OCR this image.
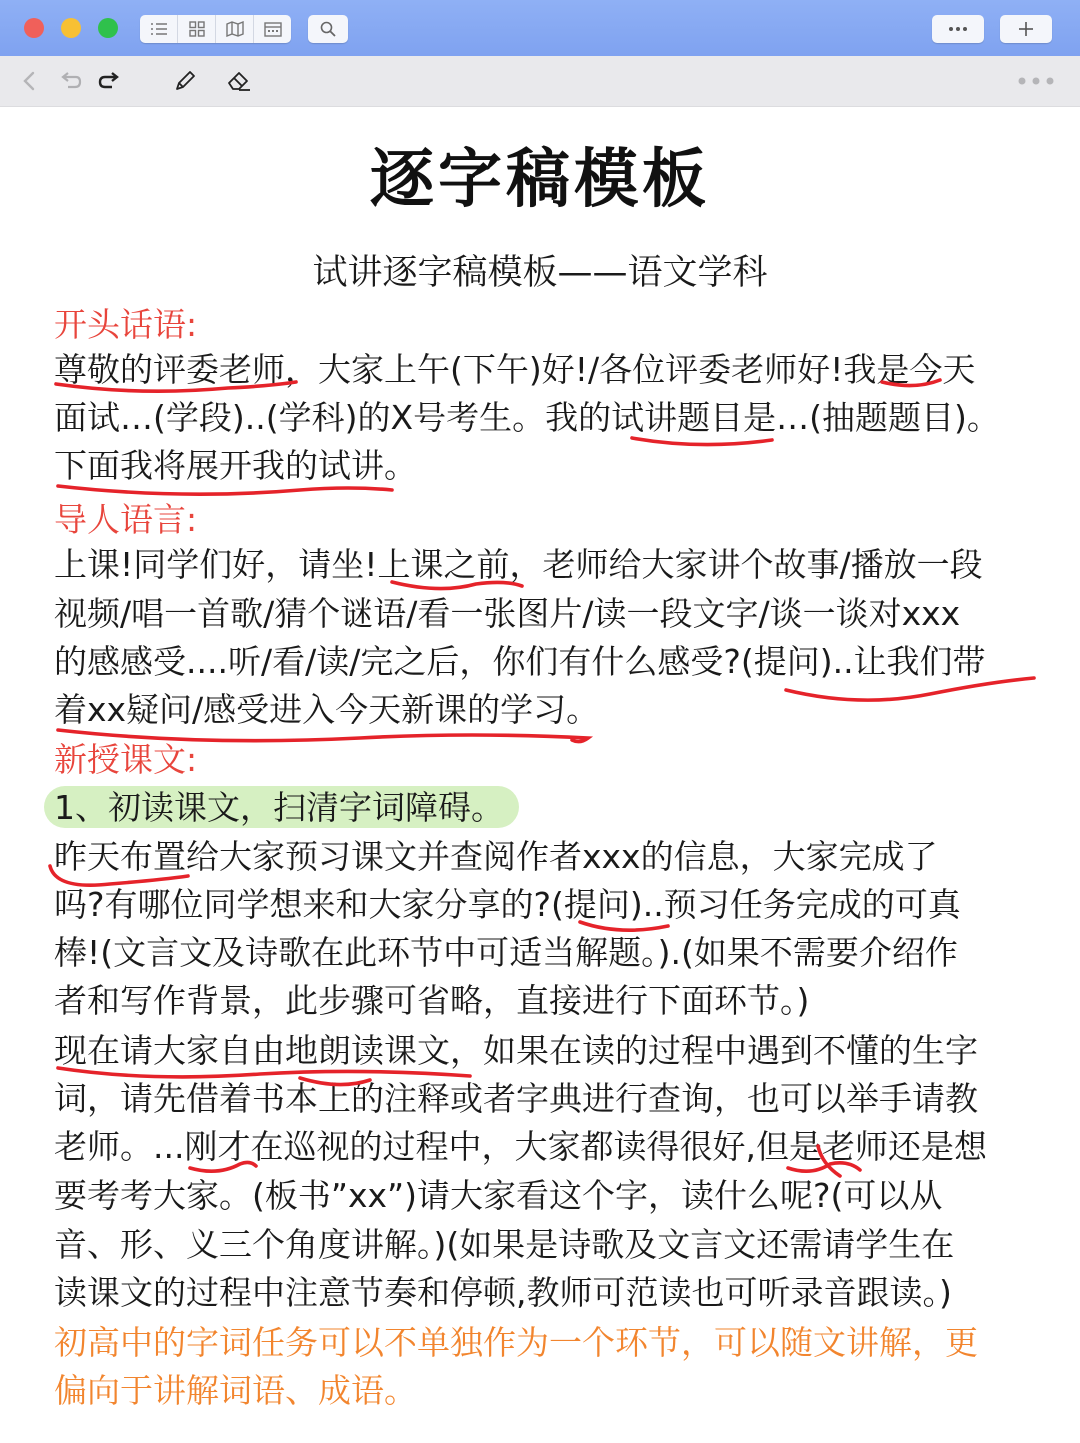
逐字稿模板
试讲逐字稿模板——语文学科
开头话语:
尊敬的评委老师，大家上午(下午)好!/各位评委老师好!我是今天
面试…(学段)..(学科)的X号考生。我的试讲题目是…(抽题题目)。
下面我将展开我的试讲。
导人语言:
上课!同学们好，请坐!上课之前，老师给大家讲个故事/播放一段
视频/唱一首歌/猜个谜语/看一张图片/读一段文字/谈一谈对xxx
的感感受....听/看/读/完之后，你们有什么感受?(提问)..让我们带
着xx疑问/感受进入今天新课的学习。
新授课文:
1、初读课文，扫清字词障碍。
昨天布置给大家预习课文并查阅作者xxx的信息，大家完成了
吗?有哪位同学想来和大家分享的?(提问)..预习任务完成的可真
棒!(文言文及诗歌在此环节中可适当解题。).(如果不需要介绍作
者和写作背景，此步骤可省略，直接进行下面环节。)
现在请大家自由地朗读课文，如果在读的过程中遇到不懂的生字
词，请先借着书本上的注释或者字典进行查询，也可以举手请教
老师。...刚才在巡视的过程中，大家都读得很好,但是老师还是想
要考考大家。(板书”xx”)请大家看这个字，读什么呢?(可以从
音、形、义三个角度讲解。)(如果是诗歌及文言文还需请学生在
读课文的过程中注意节奏和停顿,教师可范读也可听录音跟读。)
初高中的字词任务可以不单独作为一个环节，可以随文讲解，更
偏向于讲解词语、成语。
